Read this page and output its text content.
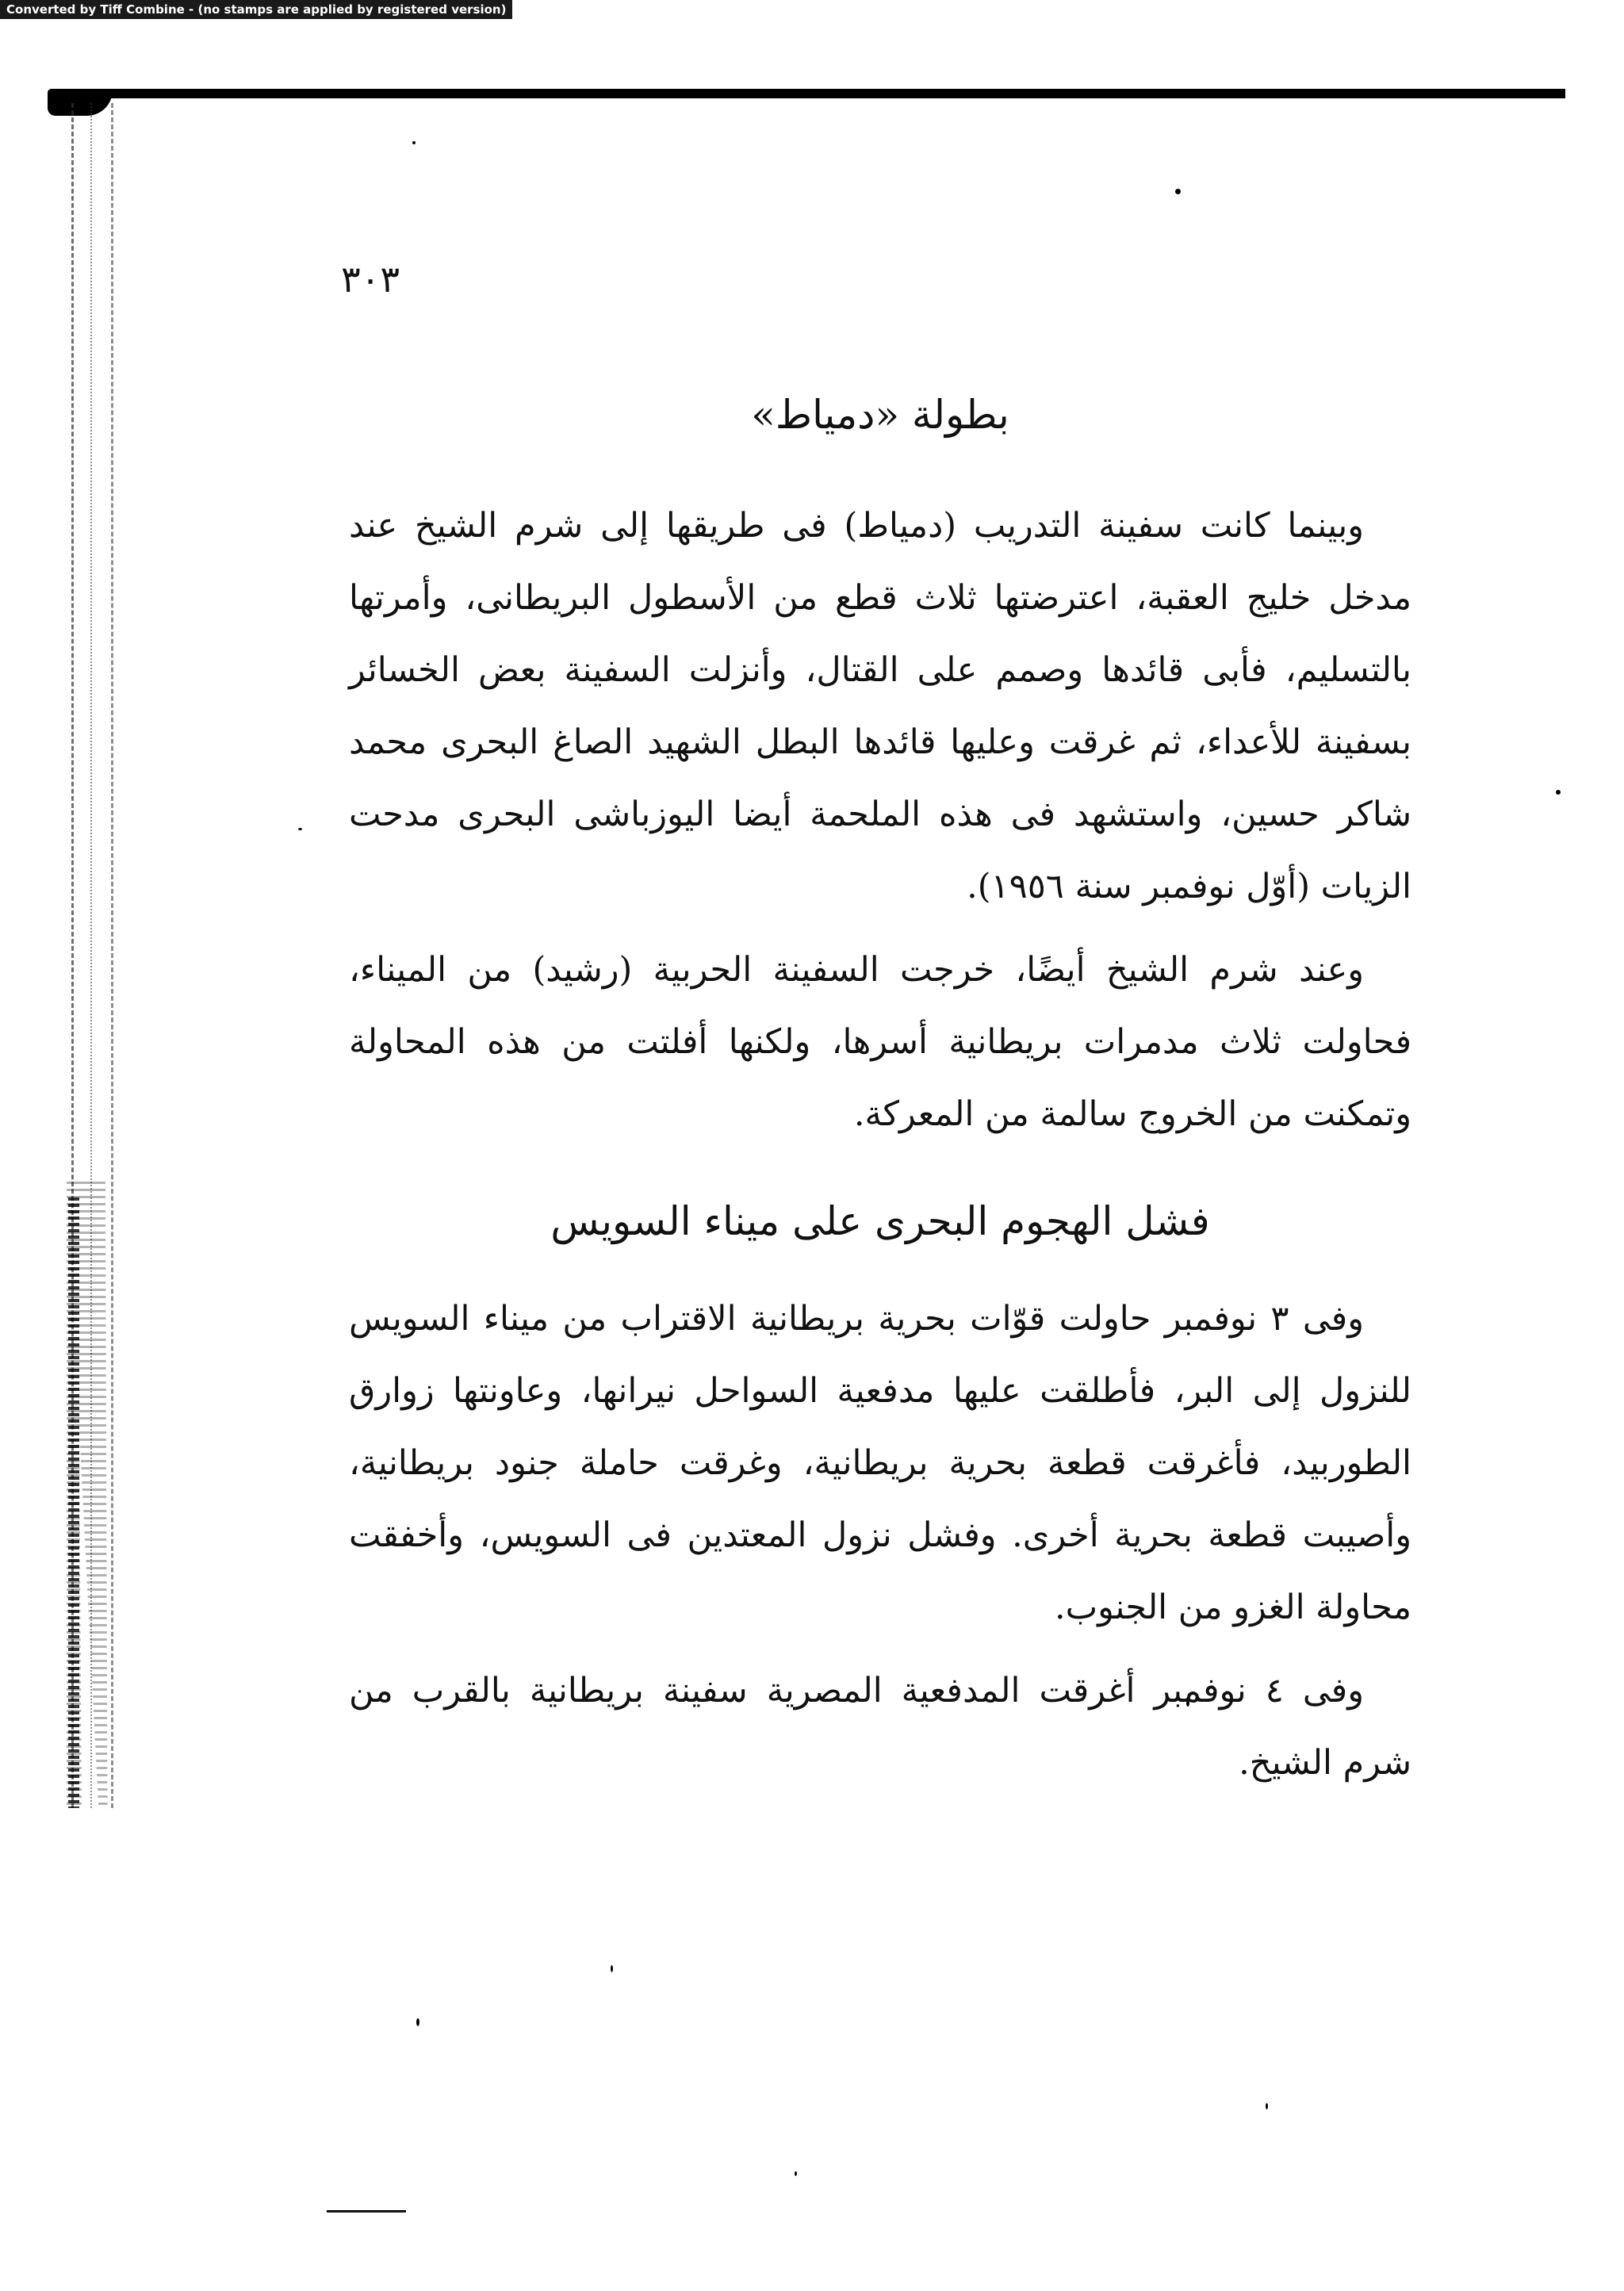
Converted by Tiff Combine - (no stamps are applied by registered version)
٣٠٣
بطولة «دمياط»

وبينما كانت سفينة التدريب (دمياط) فى طريقها إلى شرم الشيخ عند مدخل خليج العقبة، اعترضتها ثلاث قطع من الأسطول البريطانى، وأمرتها بالتسليم، فأبى قائدها وصمم على القتال، وأنزلت السفينة بعض الخسائر بسفينة للأعداء، ثم غرقت وعليها قائدها البطل الشهيد الصاغ البحرى محمد شاكر حسين، واستشهد فى هذه الملحمة أيضا اليوزباشى البحرى مدحت الزيات (أوّل نوفمبر سنة ١٩٥٦).

وعند شرم الشيخ أيضًا، خرجت السفينة الحربية (رشيد) من الميناء، فحاولت ثلاث مدمرات بريطانية أسرها، ولكنها أفلتت من هذه المحاولة وتمكنت من الخروج سالمة من المعركة.

فشل الهجوم البحرى على ميناء السويس

وفى ٣ نوفمبر حاولت قوّات بحرية بريطانية الاقتراب من ميناء السويس للنزول إلى البر، فأطلقت عليها مدفعية السواحل نيرانها، وعاونتها زوارق الطوربيد، فأغرقت قطعة بحرية بريطانية، وغرقت حاملة جنود بريطانية، وأصيبت قطعة بحرية أخرى. وفشل نزول المعتدين فى السويس، وأخفقت محاولة الغزو من الجنوب.

وفى ٤ نوفمبر أغرقت المدفعية المصرية سفينة بريطانية بالقرب من شرم الشيخ.
